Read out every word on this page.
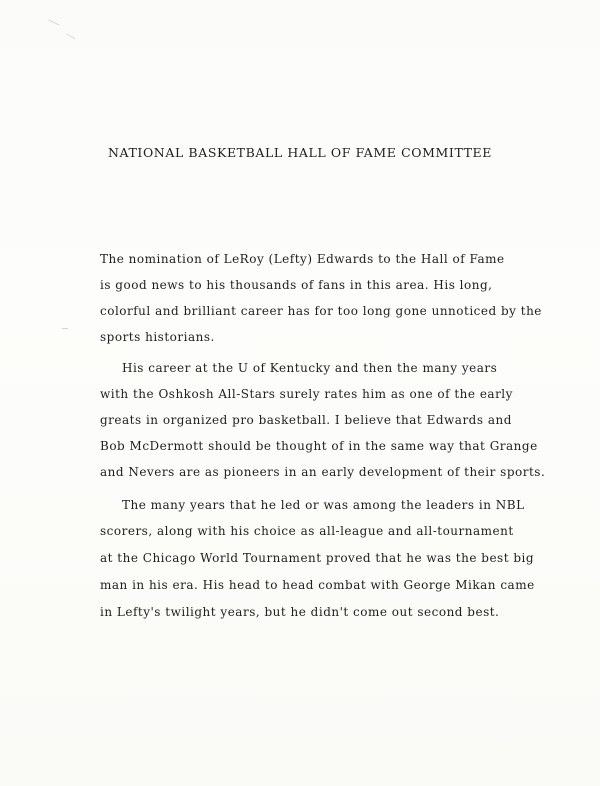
NATIONAL BASKETBALL HALL OF FAME COMMITTEE
The nomination of LeRoy (Lefty) Edwards to the Hall of Fame
is good news to his thousands of fans in this area. His long,
colorful and brilliant career has for too long gone unnoticed by the
sports historians.
His career at the U of Kentucky and then the many years
with the Oshkosh All-Stars surely rates him as one of the early
greats in organized pro basketball. I believe that Edwards and
Bob McDermott should be thought of in the same way that Grange
and Nevers are as pioneers in an early development of their sports.
The many years that he led or was among the leaders in NBL
scorers, along with his choice as all-league and all-tournament
at the Chicago World Tournament proved that he was the best big
man in his era. His head to head combat with George Mikan came
in Lefty's twilight years, but he didn't come out second best.
